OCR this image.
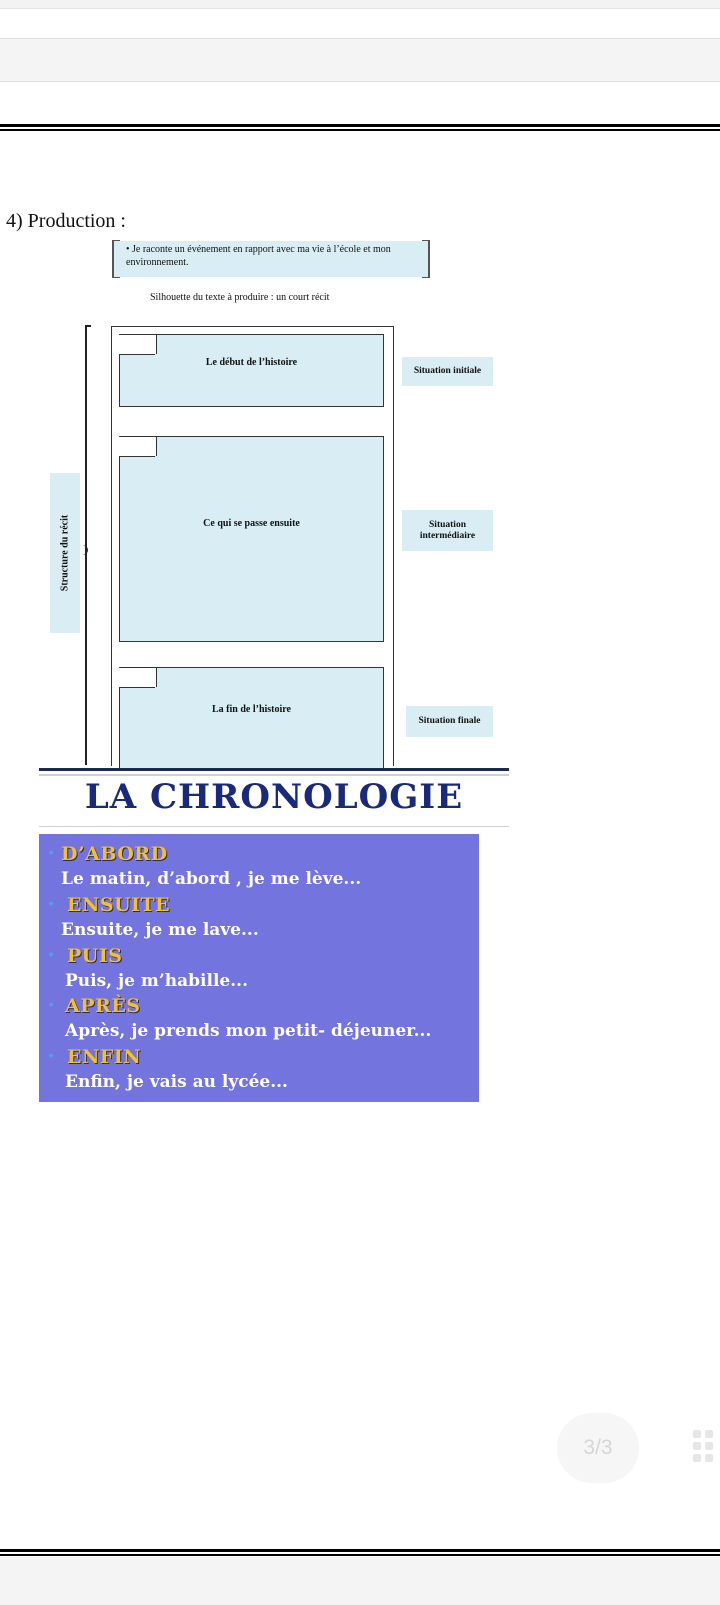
4) Production :
• Je raconte un événement en rapport avec ma vie à l’école et mon environnement.
Silhouette du texte à produire : un court récit
Structure du récit
Le début de l’histoire
Situation initiale
Ce qui se passe ensuite	Situation intermédiaire
La fin de l’histoire
Situation finale
LA CHRONOLOGIE
• D’ABORD
Le matin, d’abord , je me lève...
• ENSUITE
Ensuite, je me lave...
• PUIS
Puis, je m’habille...
• APRÈS
Après, je prends mon petit- déjeuner...
• ENFIN
Enfin, je vais au lycée...
3/3
